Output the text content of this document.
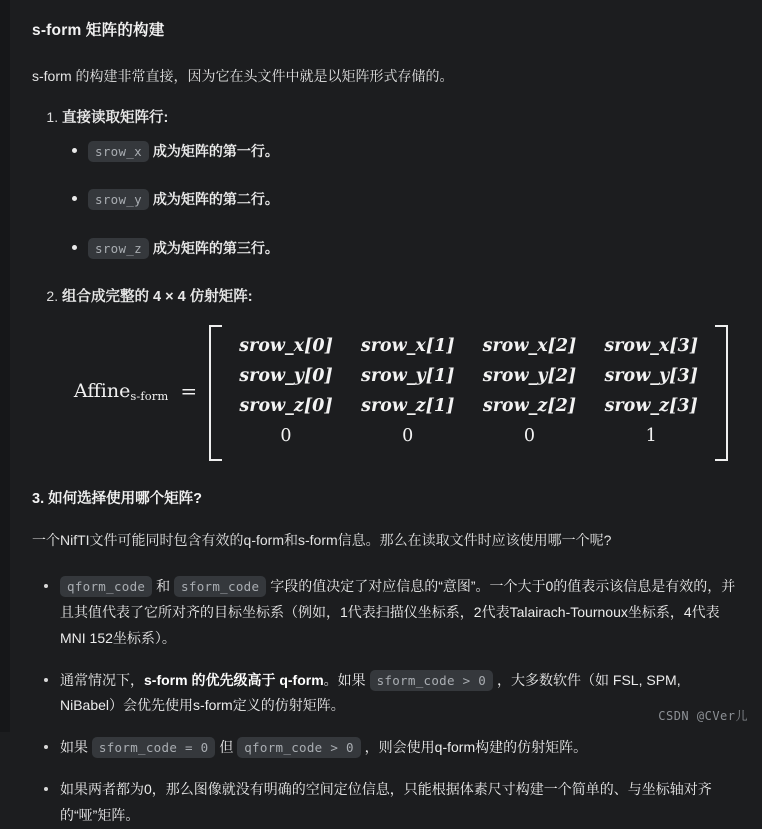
s-form 矩阵的构建

s-form 的构建非常直接，因为它在头文件中就是以矩阵形式存储的。

1. 直接读取矩阵行:
srow_x 成为矩阵的第一行。
srow_y 成为矩阵的第二行。
srow_z 成为矩阵的第三行。
2. 组合成完整的 4 × 4 仿射矩阵:
Affine$_{s-form}$ =
srow_x[0]	srow_x[1]	srow_x[2]	srow_x[3]
srow_y[0]	srow_y[1]	srow_y[2]	srow_y[3]
srow_z[0]	srow_z[1]	srow_z[2]	srow_z[3]
0	0	0	1
3. 如何选择使用哪个矩阵?

一个NifTI文件可能同时包含有效的q-form和s-form信息。那么在读取文件时应该使用哪一个呢?

qform_code 和 sform_code 字段的值决定了对应信息的“意图”。一个大于0的值表示该信息是有效的，并且其值代表了它所对齐的目标坐标系（例如，1代表扫描仪坐标系，2代表Talairach-Tournoux坐标系，4代表MNI 152坐标系）。
通常情况下，s-form 的优先级高于 q-form。如果 sform_code > 0 ，大多数软件（如 FSL, SPM, NiBabel）会优先使用s-form定义的仿射矩阵。
如果 sform_code = 0 但 qform_code > 0 ，则会使用q-form构建的仿射矩阵。
如果两者都为0，那么图像就没有明确的空间定位信息，只能根据体素尺寸构建一个简单的、与坐标轴对齐的“哑”矩阵。
CSDN @CVer儿
